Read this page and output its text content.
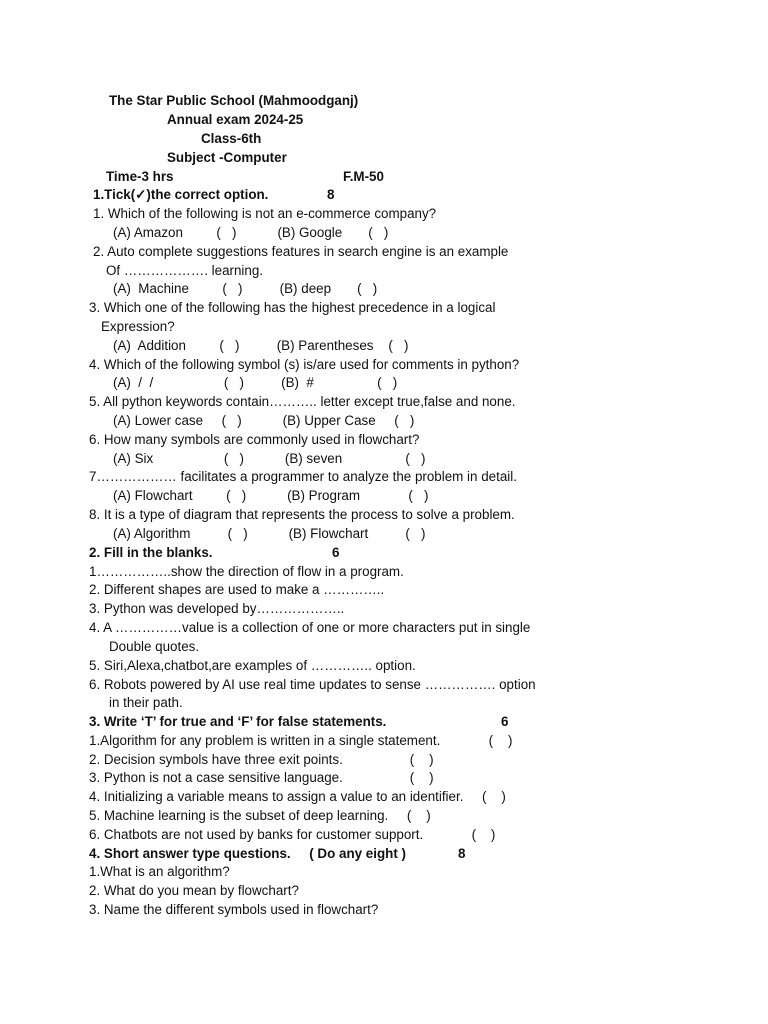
The Star Public School (Mahmoodganj)
Annual exam 2024-25
Class-6th
Subject -Computer
Time-3 hrs	F.M-50
1.Tick(✓)the correct option.	8
1. Which of the following is not an e-commerce company?
(A) Amazon         (   )           (B) Google       (   )
2. Auto complete suggestions features in search engine is an example
Of ………………. learning.
(A)  Machine         (   )          (B) deep       (   )
3. Which one of the following has the highest precedence in a logical
Expression?
(A)  Addition         (   )          (B) Parentheses    (   )
4. Which of the following symbol (s) is/are used for comments in python?
(A)  /  /                   (   )          (B)  #                 (   )
5. All python keywords contain……….. letter except true,false and none.
(A) Lower case     (   )           (B) Upper Case     (   )
6. How many symbols are commonly used in flowchart?
(A) Six                   (   )           (B) seven                 (   )
7……………… facilitates a programmer to analyze the problem in detail.
(A) Flowchart         (   )           (B) Program             (   )
8. It is a type of diagram that represents the process to solve a problem.
(A) Algorithm          (   )           (B) Flowchart          (   )
2. Fill in the blanks.	6
1……………..show the direction of flow in a program.
2. Different shapes are used to make a …………..
3. Python was developed by………………..
4. A ……………value is a collection of one or more characters put in single
Double quotes.
5. Siri,Alexa,chatbot,are examples of ………….. option.
6. Robots powered by AI use real time updates to sense ……………. option
in their path.
3. Write ‘T’ for true and ‘F’ for false statements.	6
1.Algorithm for any problem is written in a single statement.             (    )
2. Decision symbols have three exit points.                  (    )
3. Python is not a case sensitive language.                  (    )
4. Initializing a variable means to assign a value to an identifier.     (    )
5. Machine learning is the subset of deep learning.     (    )
6. Chatbots are not used by banks for customer support.             (    )
4. Short answer type questions.     ( Do any eight )	8
1.What is an algorithm?
2. What do you mean by flowchart?
3. Name the different symbols used in flowchart?
